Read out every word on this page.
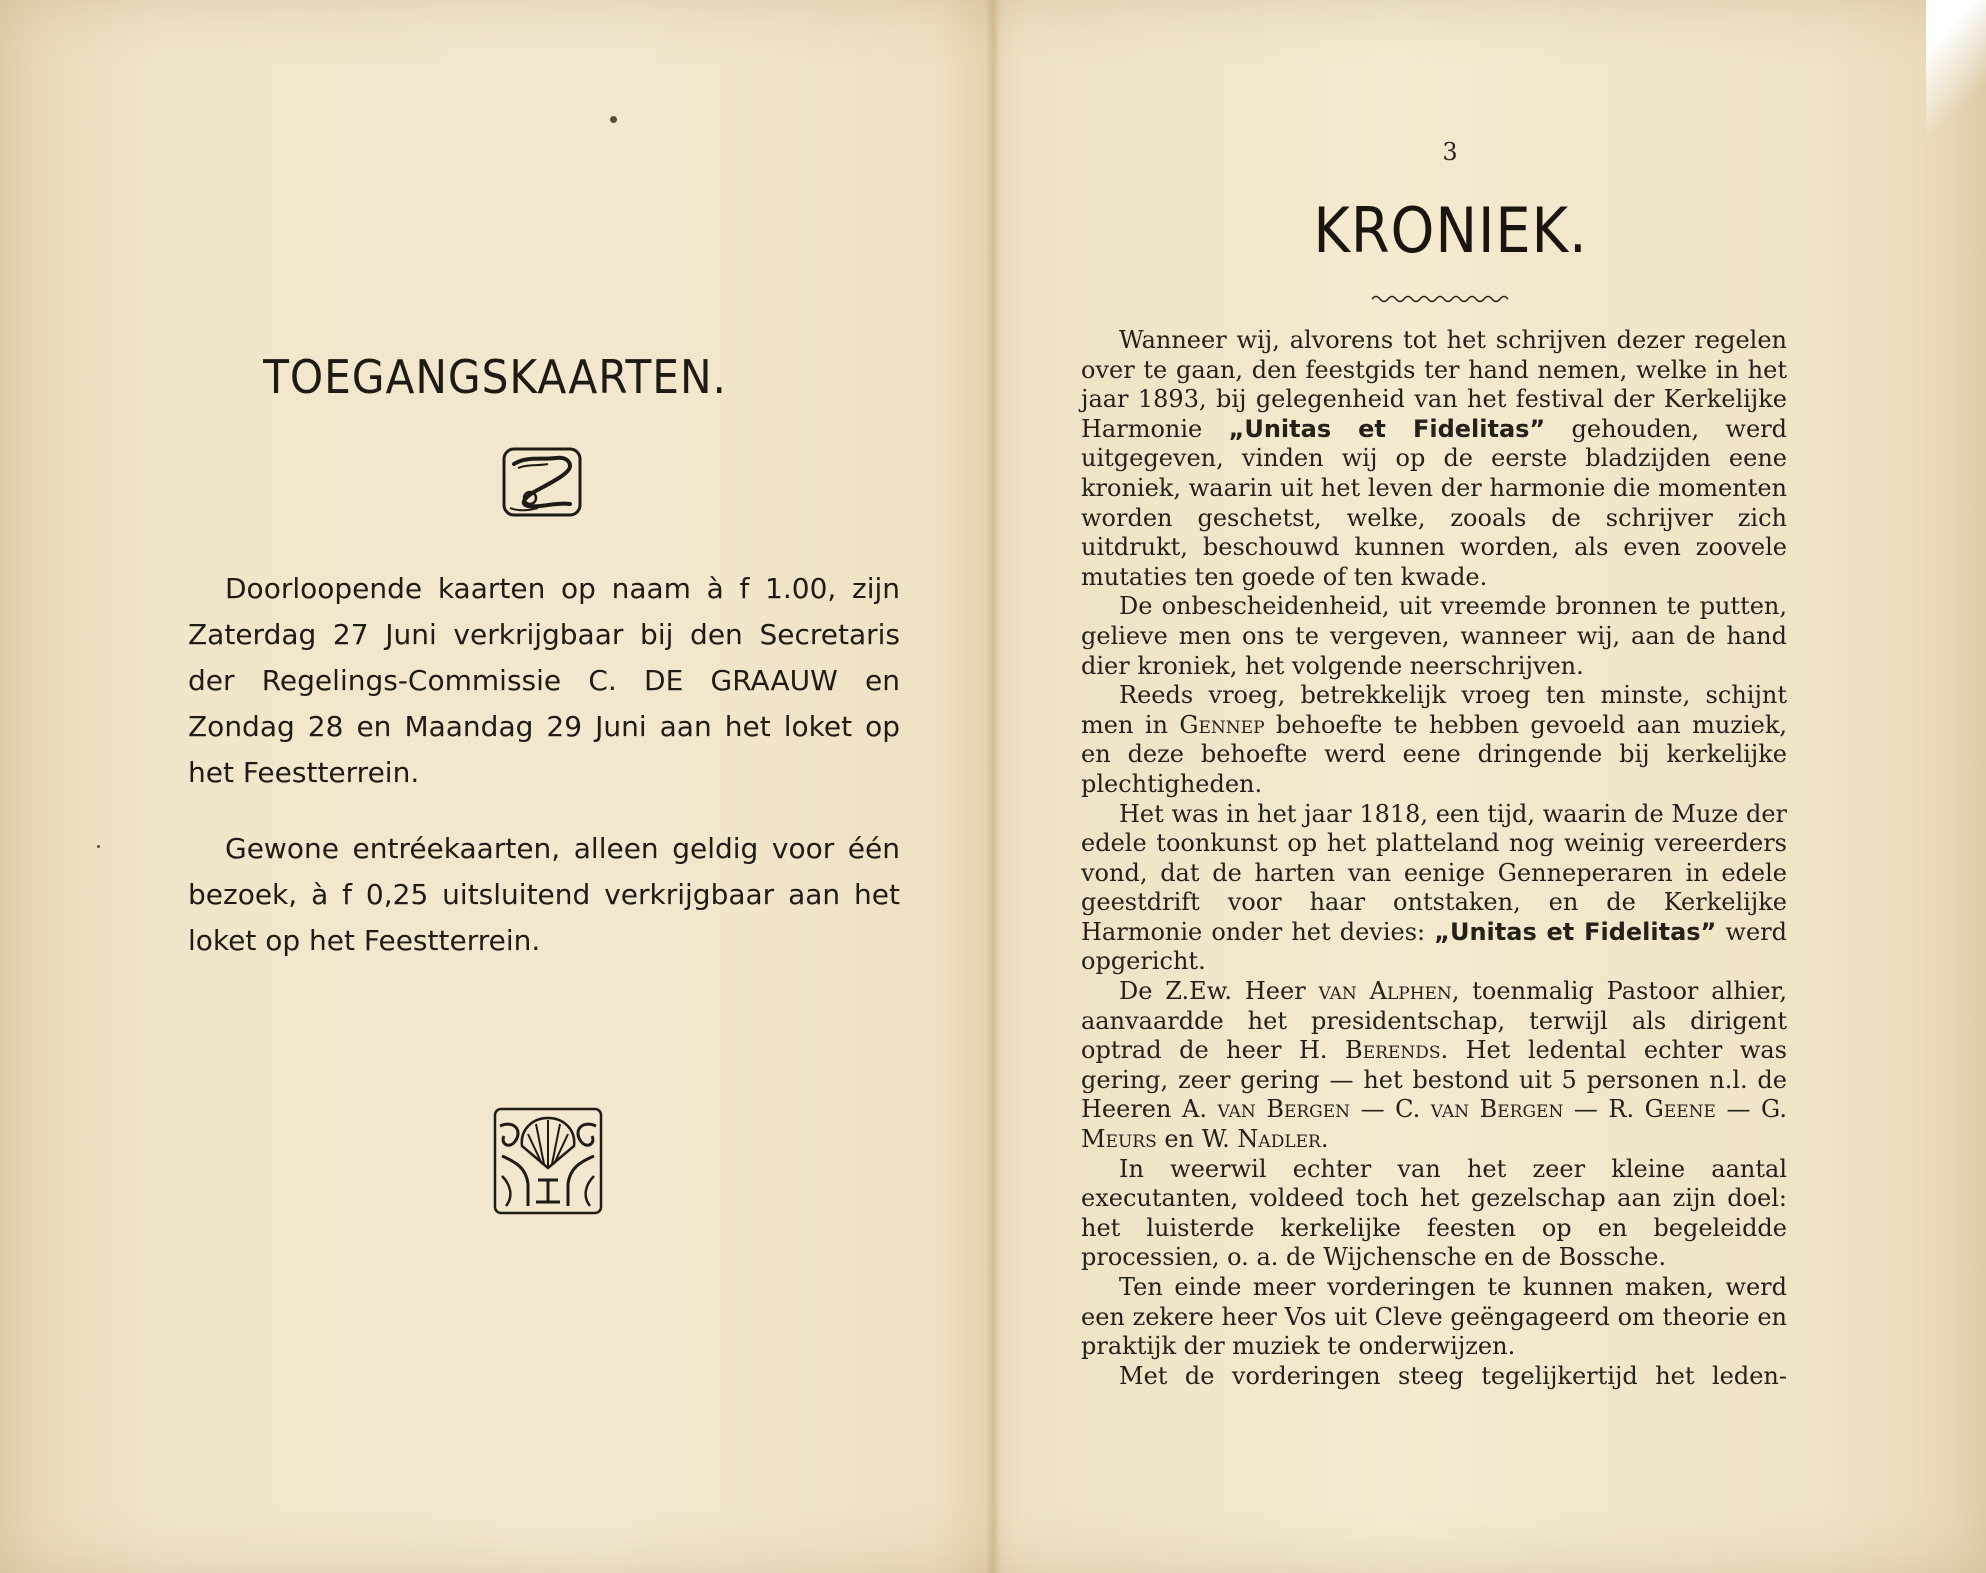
TOEGANGSKAARTEN.
Doorloopende kaarten op naam à f 1.00, zijn Zaterdag 27 Juni verkrijgbaar bij den Secretaris der Regelings-Commissie C. DE GRAAUW en Zondag 28 en Maandag 29 Juni aan het loket op het Feestterrein.
Gewone entréekaarten, alleen geldig voor één bezoek, à f 0,25 uitsluitend verkrijgbaar aan het loket op het Feestterrein.
3
KRONIEK.

Wanneer wij, alvorens tot het schrijven dezer regelen over te gaan, den feestgids ter hand nemen, welke in het jaar 1893, bij gelegenheid van het festival der Kerkelijke Harmonie „Unitas et Fidelitas” gehouden, werd uitgegeven, vinden wij op de eerste bladzijden eene kroniek, waarin uit het leven der harmonie die momenten worden geschetst, welke, zooals de schrijver zich uitdrukt, beschouwd kunnen worden, als even zoovele mutaties ten goede of ten kwade.

De onbescheidenheid, uit vreemde bronnen te putten, gelieve men ons te vergeven, wanneer wij, aan de hand dier kroniek, het volgende neerschrijven.

Reeds vroeg, betrekkelijk vroeg ten minste, schijnt men in Gennep behoefte te hebben gevoeld aan muziek, en deze behoefte werd eene dringende bij kerkelijke plechtigheden.

Het was in het jaar 1818, een tijd, waarin de Muze der edele toonkunst op het platteland nog weinig vereerders vond, dat de harten van eenige Genneperaren in edele geestdrift voor haar ontstaken, en de Kerkelijke Harmonie onder het devies: „Unitas et Fidelitas” werd opgericht.

De Z.Ew. Heer van Alphen, toenmalig Pastoor alhier, aanvaardde het presidentschap, terwijl als dirigent optrad de heer H. Berends. Het ledental echter was gering, zeer gering — het bestond uit 5 personen n.l. de Heeren A. van Bergen — C. van Bergen — R. Geene — G. Meurs en W. Nadler.

In weerwil echter van het zeer kleine aantal executanten, voldeed toch het gezelschap aan zijn doel: het luisterde kerkelijke feesten op en begeleidde processien, o. a. de Wijchensche en de Bossche.

Ten einde meer vorderingen te kunnen maken, werd een zekere heer Vos uit Cleve geëngageerd om theorie en praktijk der muziek te onderwijzen.

Met de vorderingen steeg tegelijkertijd het leden-
